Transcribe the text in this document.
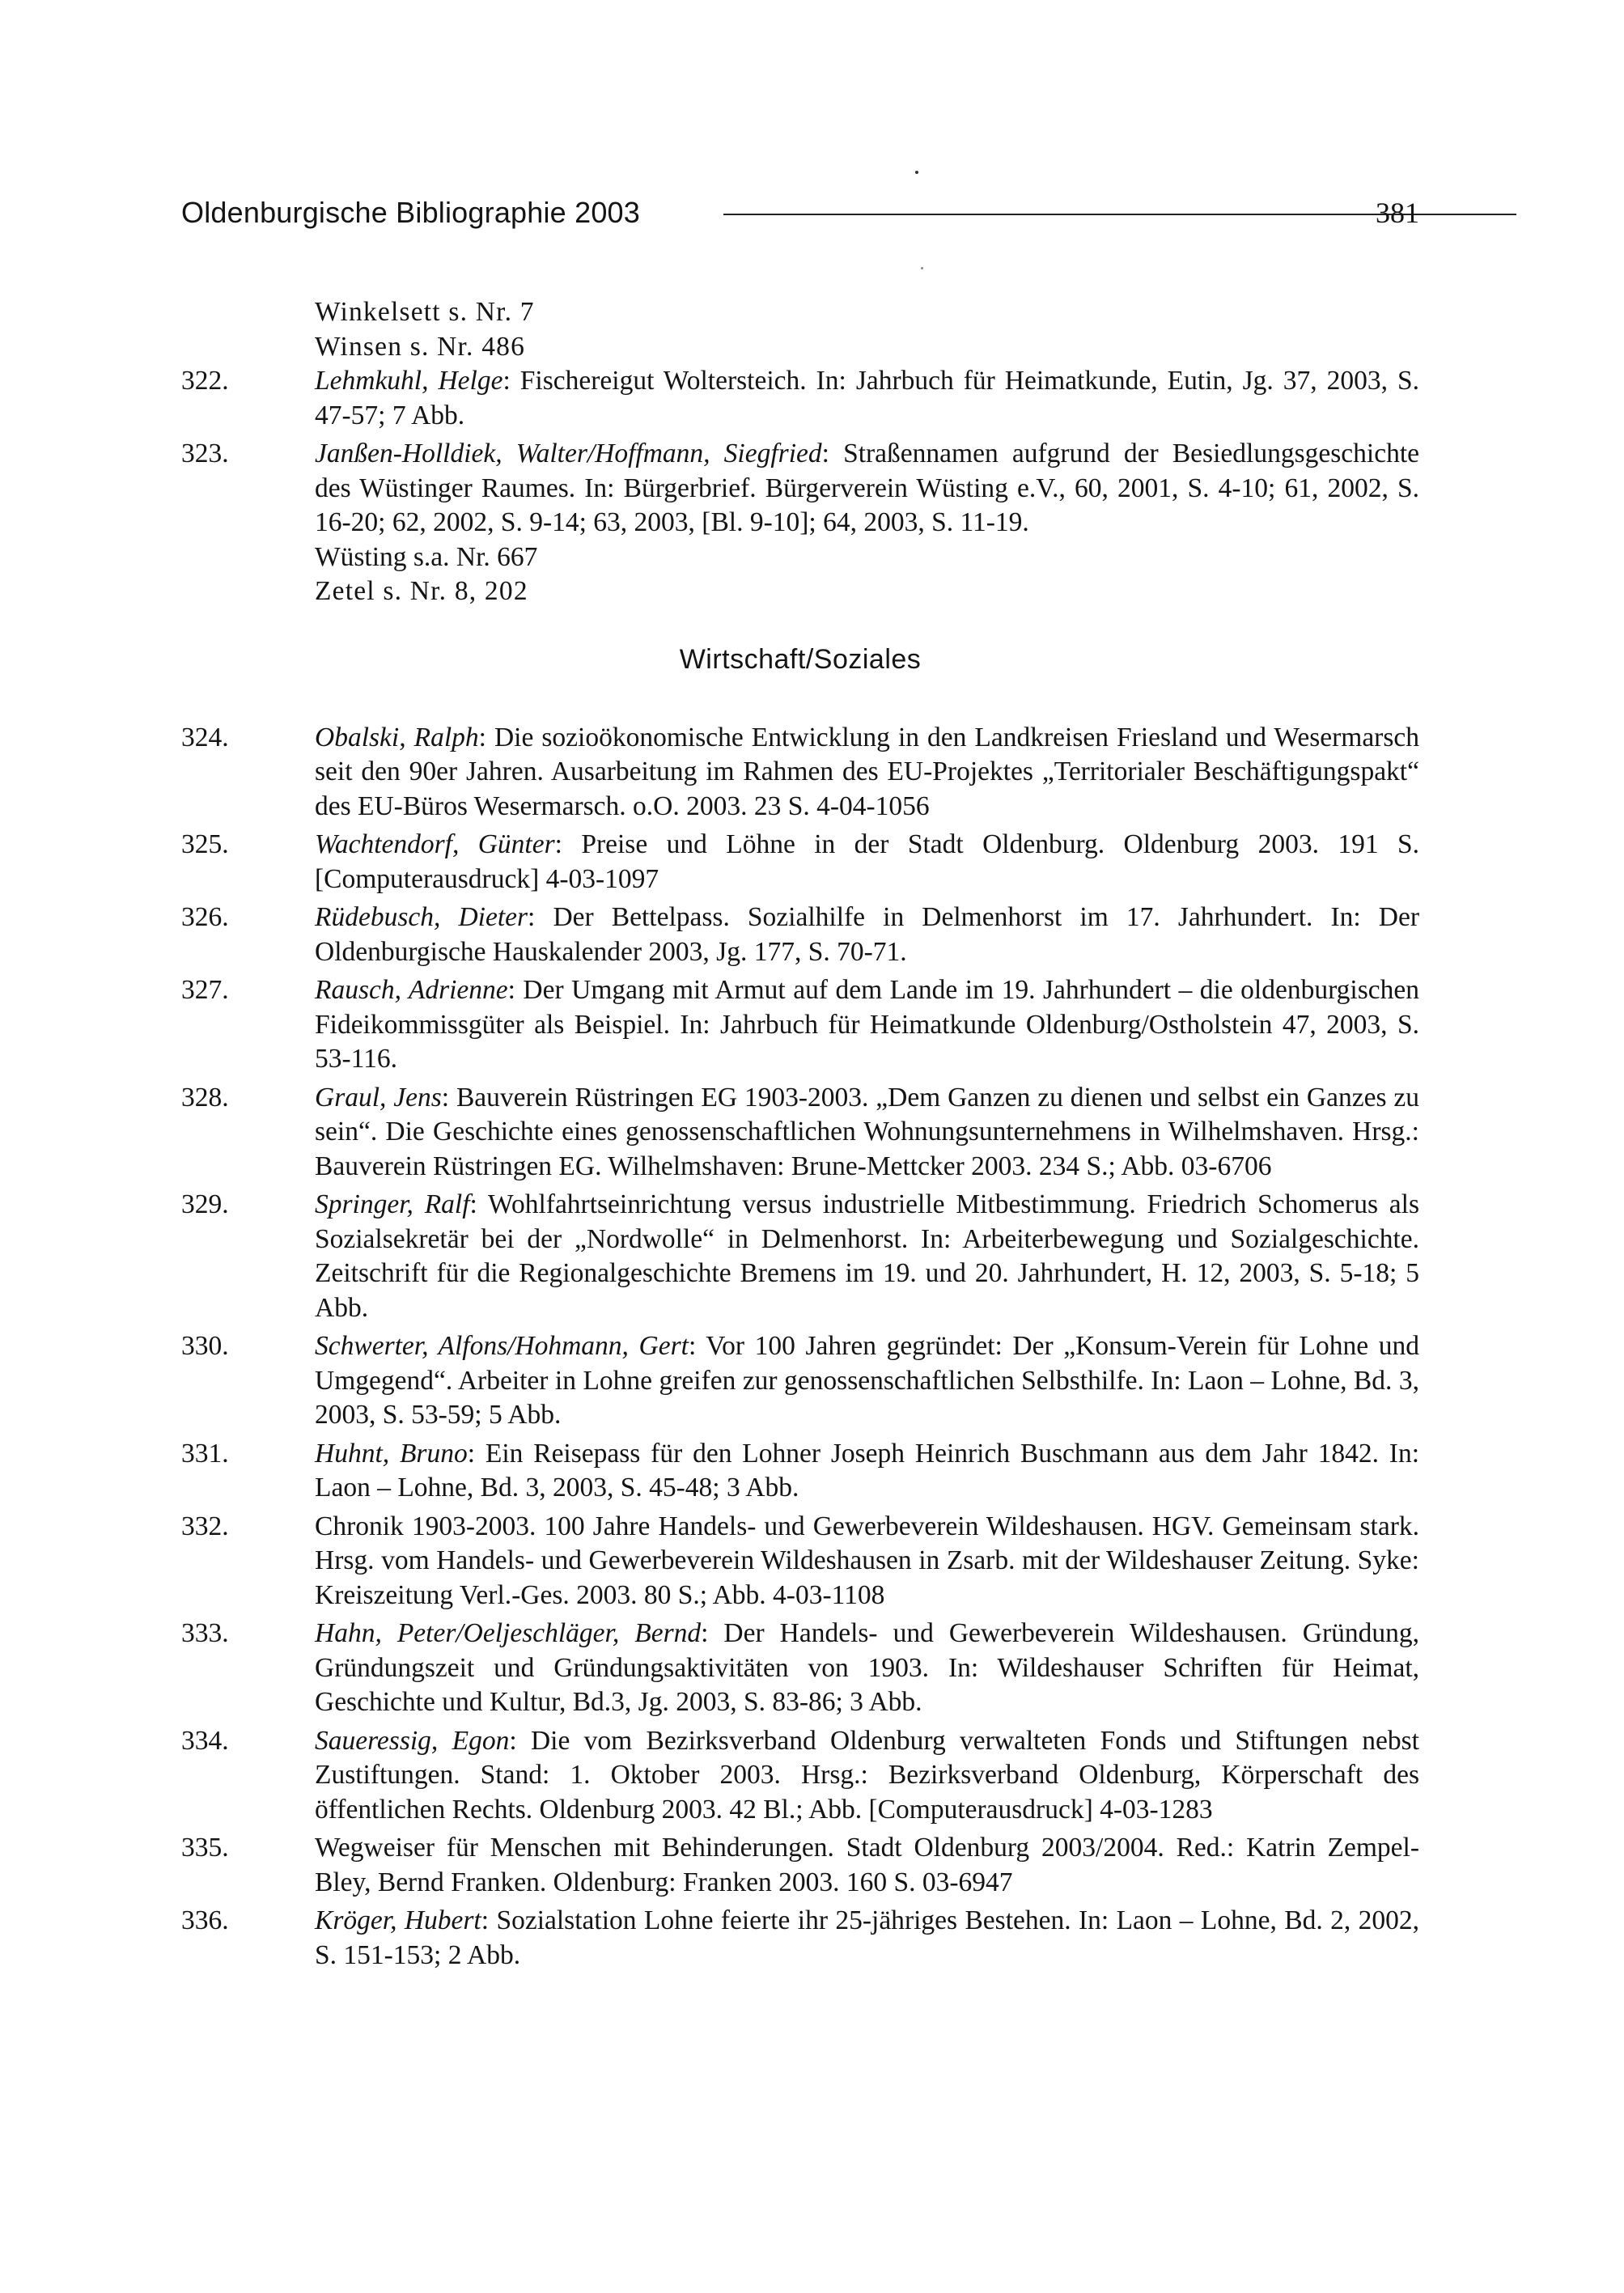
Oldenburgische Bibliographie 2003	381
Winkelsett s. Nr. 7
Winsen s. Nr. 486
322.	Lehmkuhl, Helge: Fischereigut Woltersteich. In: Jahrbuch für Heimatkunde, Eutin, Jg. 37, 2003, S. 47-57; 7 Abb.
323.	Janßen-Holldiek, Walter/Hoffmann, Siegfried: Straßennamen aufgrund der Besiedlungsgeschichte des Wüstinger Raumes. In: Bürgerbrief. Bürgerverein Wüsting e.V., 60, 2001, S. 4-10; 61, 2002, S. 16-20; 62, 2002, S. 9-14; 63, 2003, [Bl. 9-10]; 64, 2003, S. 11-19.
Wüsting s.a. Nr. 667
Zetel s. Nr. 8, 202
Wirtschaft/Soziales
324.	Obalski, Ralph: Die sozioökonomische Entwicklung in den Landkreisen Friesland und Wesermarsch seit den 90er Jahren. Ausarbeitung im Rahmen des EU-Projektes „Territorialer Beschäftigungspakt“ des EU-Büros Wesermarsch. o.O. 2003. 23 S. 4-04-1056
325.	Wachtendorf, Günter: Preise und Löhne in der Stadt Oldenburg. Oldenburg 2003. 191 S. [Computerausdruck] 4-03-1097
326.	Rüdebusch, Dieter: Der Bettelpass. Sozialhilfe in Delmenhorst im 17. Jahrhundert. In: Der Oldenburgische Hauskalender 2003, Jg. 177, S. 70-71.
327.	Rausch, Adrienne: Der Umgang mit Armut auf dem Lande im 19. Jahrhundert – die oldenburgischen Fideikommissgüter als Beispiel. In: Jahrbuch für Heimatkunde Oldenburg/Ostholstein 47, 2003, S. 53-116.
328.	Graul, Jens: Bauverein Rüstringen EG 1903-2003. „Dem Ganzen zu dienen und selbst ein Ganzes zu sein“. Die Geschichte eines genossenschaftlichen Wohnungsunternehmens in Wilhelmshaven. Hrsg.: Bauverein Rüstringen EG. Wilhelmshaven: Brune-Mettcker 2003. 234 S.; Abb. 03-6706
329.	Springer, Ralf: Wohlfahrtseinrichtung versus industrielle Mitbestimmung. Friedrich Schomerus als Sozialsekretär bei der „Nordwolle“ in Delmenhorst. In: Arbeiterbewegung und Sozialgeschichte. Zeitschrift für die Regionalgeschichte Bremens im 19. und 20. Jahrhundert, H. 12, 2003, S. 5-18; 5 Abb.
330.	Schwerter, Alfons/Hohmann, Gert: Vor 100 Jahren gegründet: Der „Konsum-Verein für Lohne und Umgegend“. Arbeiter in Lohne greifen zur genossenschaftlichen Selbsthilfe. In: Laon – Lohne, Bd. 3, 2003, S. 53-59; 5 Abb.
331.	Huhnt, Bruno: Ein Reisepass für den Lohner Joseph Heinrich Buschmann aus dem Jahr 1842. In: Laon – Lohne, Bd. 3, 2003, S. 45-48; 3 Abb.
332.	Chronik 1903-2003. 100 Jahre Handels- und Gewerbeverein Wildeshausen. HGV. Gemeinsam stark. Hrsg. vom Handels- und Gewerbeverein Wildeshausen in Zsarb. mit der Wildeshauser Zeitung. Syke: Kreiszeitung Verl.-Ges. 2003. 80 S.; Abb. 4-03-1108
333.	Hahn, Peter/Oeljeschläger, Bernd: Der Handels- und Gewerbeverein Wildeshausen. Gründung, Gründungszeit und Gründungsaktivitäten von 1903. In: Wildeshauser Schriften für Heimat, Geschichte und Kultur, Bd.3, Jg. 2003, S. 83-86; 3 Abb.
334.	Saueressig, Egon: Die vom Bezirksverband Oldenburg verwalteten Fonds und Stiftungen nebst Zustiftungen. Stand: 1. Oktober 2003. Hrsg.: Bezirksverband Oldenburg, Körperschaft des öffentlichen Rechts. Oldenburg 2003. 42 Bl.; Abb. [Computerausdruck] 4-03-1283
335.	Wegweiser für Menschen mit Behinderungen. Stadt Oldenburg 2003/2004. Red.: Katrin Zempel-Bley, Bernd Franken. Oldenburg: Franken 2003. 160 S. 03-6947
336.	Kröger, Hubert: Sozialstation Lohne feierte ihr 25-jähriges Bestehen. In: Laon – Lohne, Bd. 2, 2002, S. 151-153; 2 Abb.
